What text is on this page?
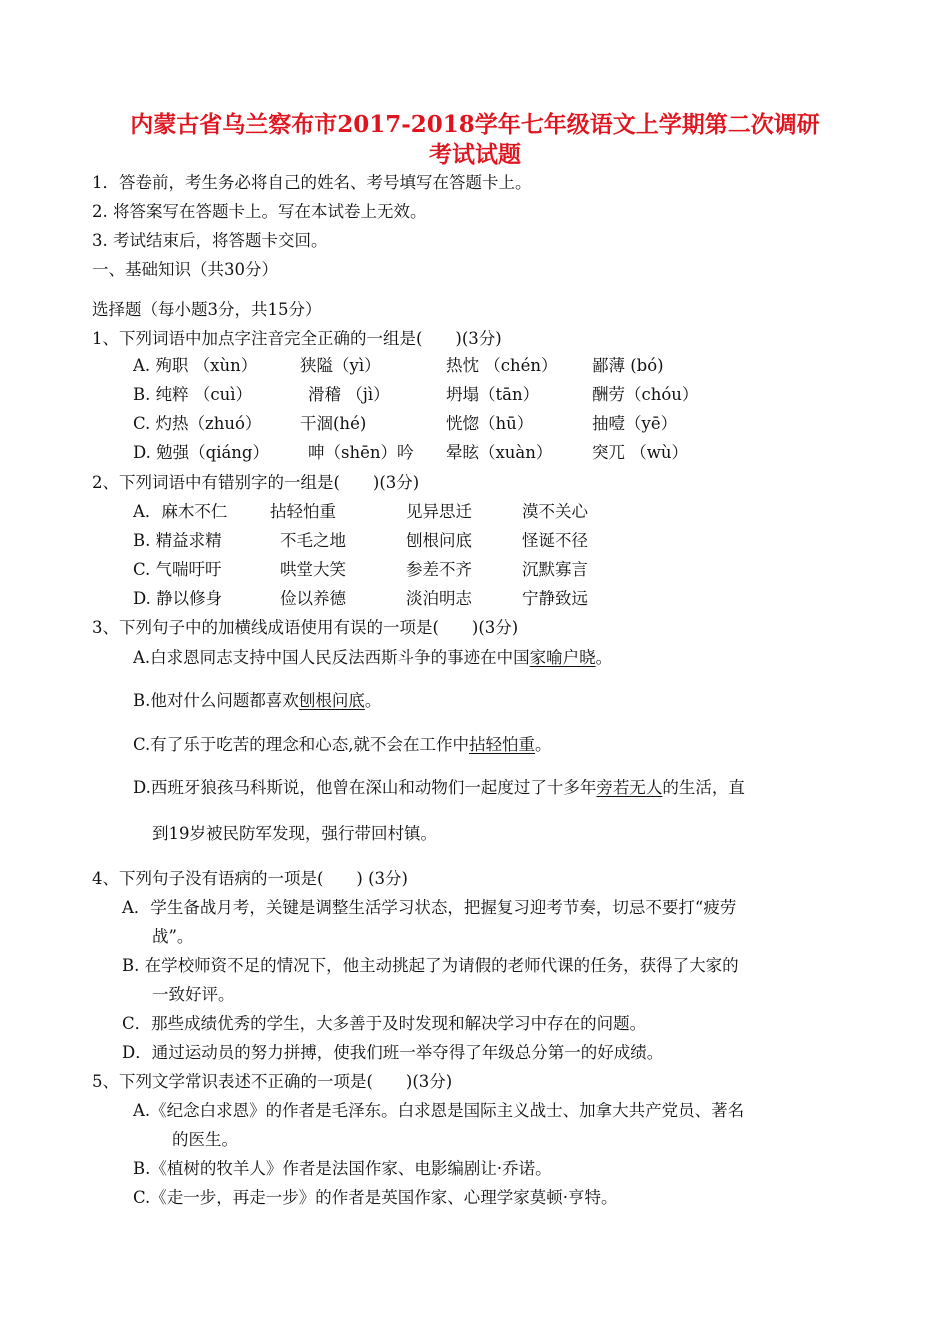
内蒙古省乌兰察布市2017-2018学年七年级语文上学期第二次调研
考试试题
1．答卷前，考生务必将自己的姓名、考号填写在答题卡上。
2. 将答案写在答题卡上。写在本试卷上无效。
3. 考试结束后，将答题卡交回。
一、基础知识（共30分）
选择题（每小题3分，共15分）
1、下列词语中加点字注音完全正确的一组是(　　)(3分)
A. 殉职 （xùn）	狭隘（yì）	热忱 （chén） 鄙薄 (bó)
B. 纯粹 （cuì）	滑稽 （jì）	坍塌（tān）	酬劳（chóu）
C. 灼热（zhuó） 干涸(hé)	恍惚（hū）	抽噎（yē）
D. 勉强（qiáng） 呻（shēn）吟 晕眩（xuàn） 突兀 （wù）
2、下列词语中有错别字的一组是(　　)(3分)
A．麻木不仁	拈轻怕重	见异思迁	漠不关心
B. 精益求精	不毛之地	刨根问底	怪诞不径
C. 气喘吁吁	哄堂大笑	参差不齐	沉默寡言
D. 静以修身	俭以养德	淡泊明志	宁静致远
3、下列句子中的加横线成语使用有误的一项是(　　)(3分)
A.白求恩同志支持中国人民反法西斯斗争的事迹在中国家喻户晓。
B.他对什么问题都喜欢刨根问底。
C.有了乐于吃苦的理念和心态,就不会在工作中拈轻怕重。
D.西班牙狼孩马科斯说，他曾在深山和动物们一起度过了十多年旁若无人的生活，直
到19岁被民防军发现，强行带回村镇。
4、下列句子没有语病的一项是(　　) (3分)
A．学生备战月考，关键是调整生活学习状态，把握复习迎考节奏，切忌不要打“疲劳
战”。
B. 在学校师资不足的情况下，他主动挑起了为请假的老师代课的任务，获得了大家的
一致好评。
C．那些成绩优秀的学生，大多善于及时发现和解决学习中存在的问题。
D．通过运动员的努力拼搏，使我们班一举夺得了年级总分第一的好成绩。
5、下列文学常识表述不正确的一项是(　　)(3分)
A.《纪念白求恩》的作者是毛泽东。白求恩是国际主义战士、加拿大共产党员、著名
的医生。
B.《植树的牧羊人》作者是法国作家、电影编剧让·乔诺。
C.《走一步，再走一步》的作者是英国作家、心理学家莫顿·亨特。
